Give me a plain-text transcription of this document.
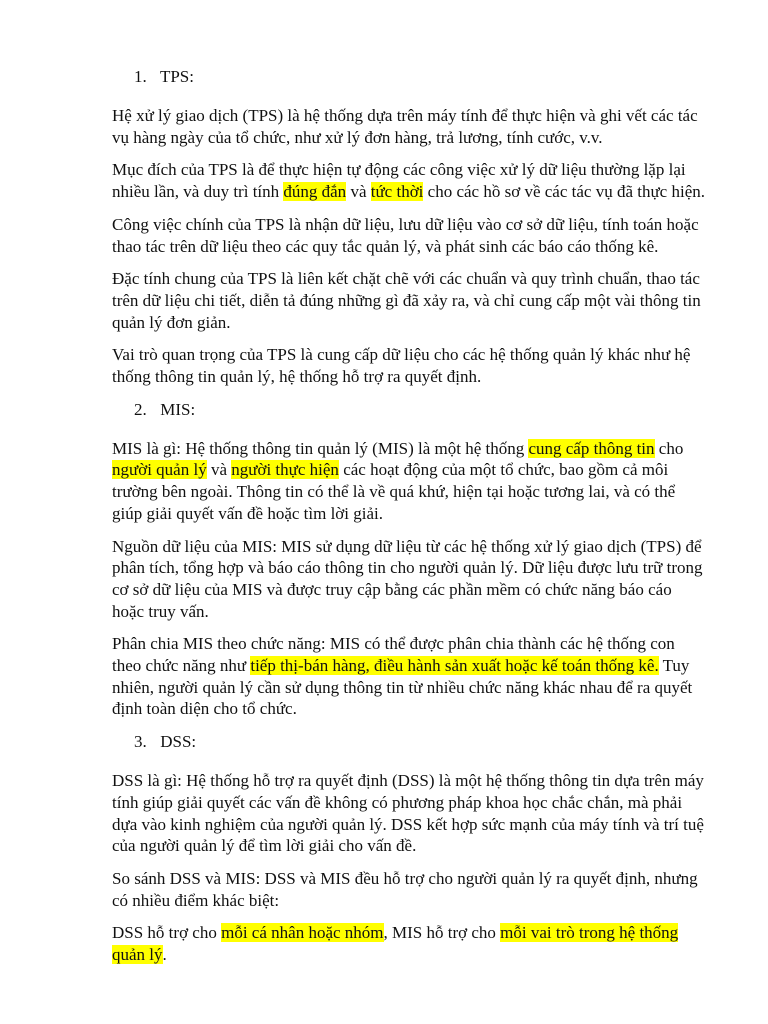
1. TPS:

Hệ xử lý giao dịch (TPS) là hệ thống dựa trên máy tính để thực hiện và ghi vết các tác vụ hàng ngày của tổ chức, như xử lý đơn hàng, trả lương, tính cước, v.v.

Mục đích của TPS là để thực hiện tự động các công việc xử lý dữ liệu thường lặp lại nhiều lần, và duy trì tính đúng đắn và tức thời cho các hồ sơ về các tác vụ đã thực hiện.

Công việc chính của TPS là nhận dữ liệu, lưu dữ liệu vào cơ sở dữ liệu, tính toán hoặc thao tác trên dữ liệu theo các quy tắc quản lý, và phát sinh các báo cáo thống kê.

Đặc tính chung của TPS là liên kết chặt chẽ với các chuẩn và quy trình chuẩn, thao tác trên dữ liệu chi tiết, diễn tả đúng những gì đã xảy ra, và chỉ cung cấp một vài thông tin quản lý đơn giản.

Vai trò quan trọng của TPS là cung cấp dữ liệu cho các hệ thống quản lý khác như hệ thống thông tin quản lý, hệ thống hỗ trợ ra quyết định.

2. MIS:

MIS là gì: Hệ thống thông tin quản lý (MIS) là một hệ thống cung cấp thông tin cho người quản lý và người thực hiện các hoạt động của một tổ chức, bao gồm cả môi trường bên ngoài. Thông tin có thể là về quá khứ, hiện tại hoặc tương lai, và có thể giúp giải quyết vấn đề hoặc tìm lời giải.

Nguồn dữ liệu của MIS: MIS sử dụng dữ liệu từ các hệ thống xử lý giao dịch (TPS) để phân tích, tổng hợp và báo cáo thông tin cho người quản lý. Dữ liệu được lưu trữ trong cơ sở dữ liệu của MIS và được truy cập bằng các phần mềm có chức năng báo cáo hoặc truy vấn.

Phân chia MIS theo chức năng: MIS có thể được phân chia thành các hệ thống con theo chức năng như tiếp thị-bán hàng, điều hành sản xuất hoặc kế toán thống kê. Tuy nhiên, người quản lý cần sử dụng thông tin từ nhiều chức năng khác nhau để ra quyết định toàn diện cho tổ chức.

3. DSS:

DSS là gì: Hệ thống hỗ trợ ra quyết định (DSS) là một hệ thống thông tin dựa trên máy tính giúp giải quyết các vấn đề không có phương pháp khoa học chắc chắn, mà phải dựa vào kinh nghiệm của người quản lý. DSS kết hợp sức mạnh của máy tính và trí tuệ của người quản lý để tìm lời giải cho vấn đề.

So sánh DSS và MIS: DSS và MIS đều hỗ trợ cho người quản lý ra quyết định, nhưng có nhiều điểm khác biệt:

DSS hỗ trợ cho mỗi cá nhân hoặc nhóm, MIS hỗ trợ cho mỗi vai trò trong hệ thống quản lý.
